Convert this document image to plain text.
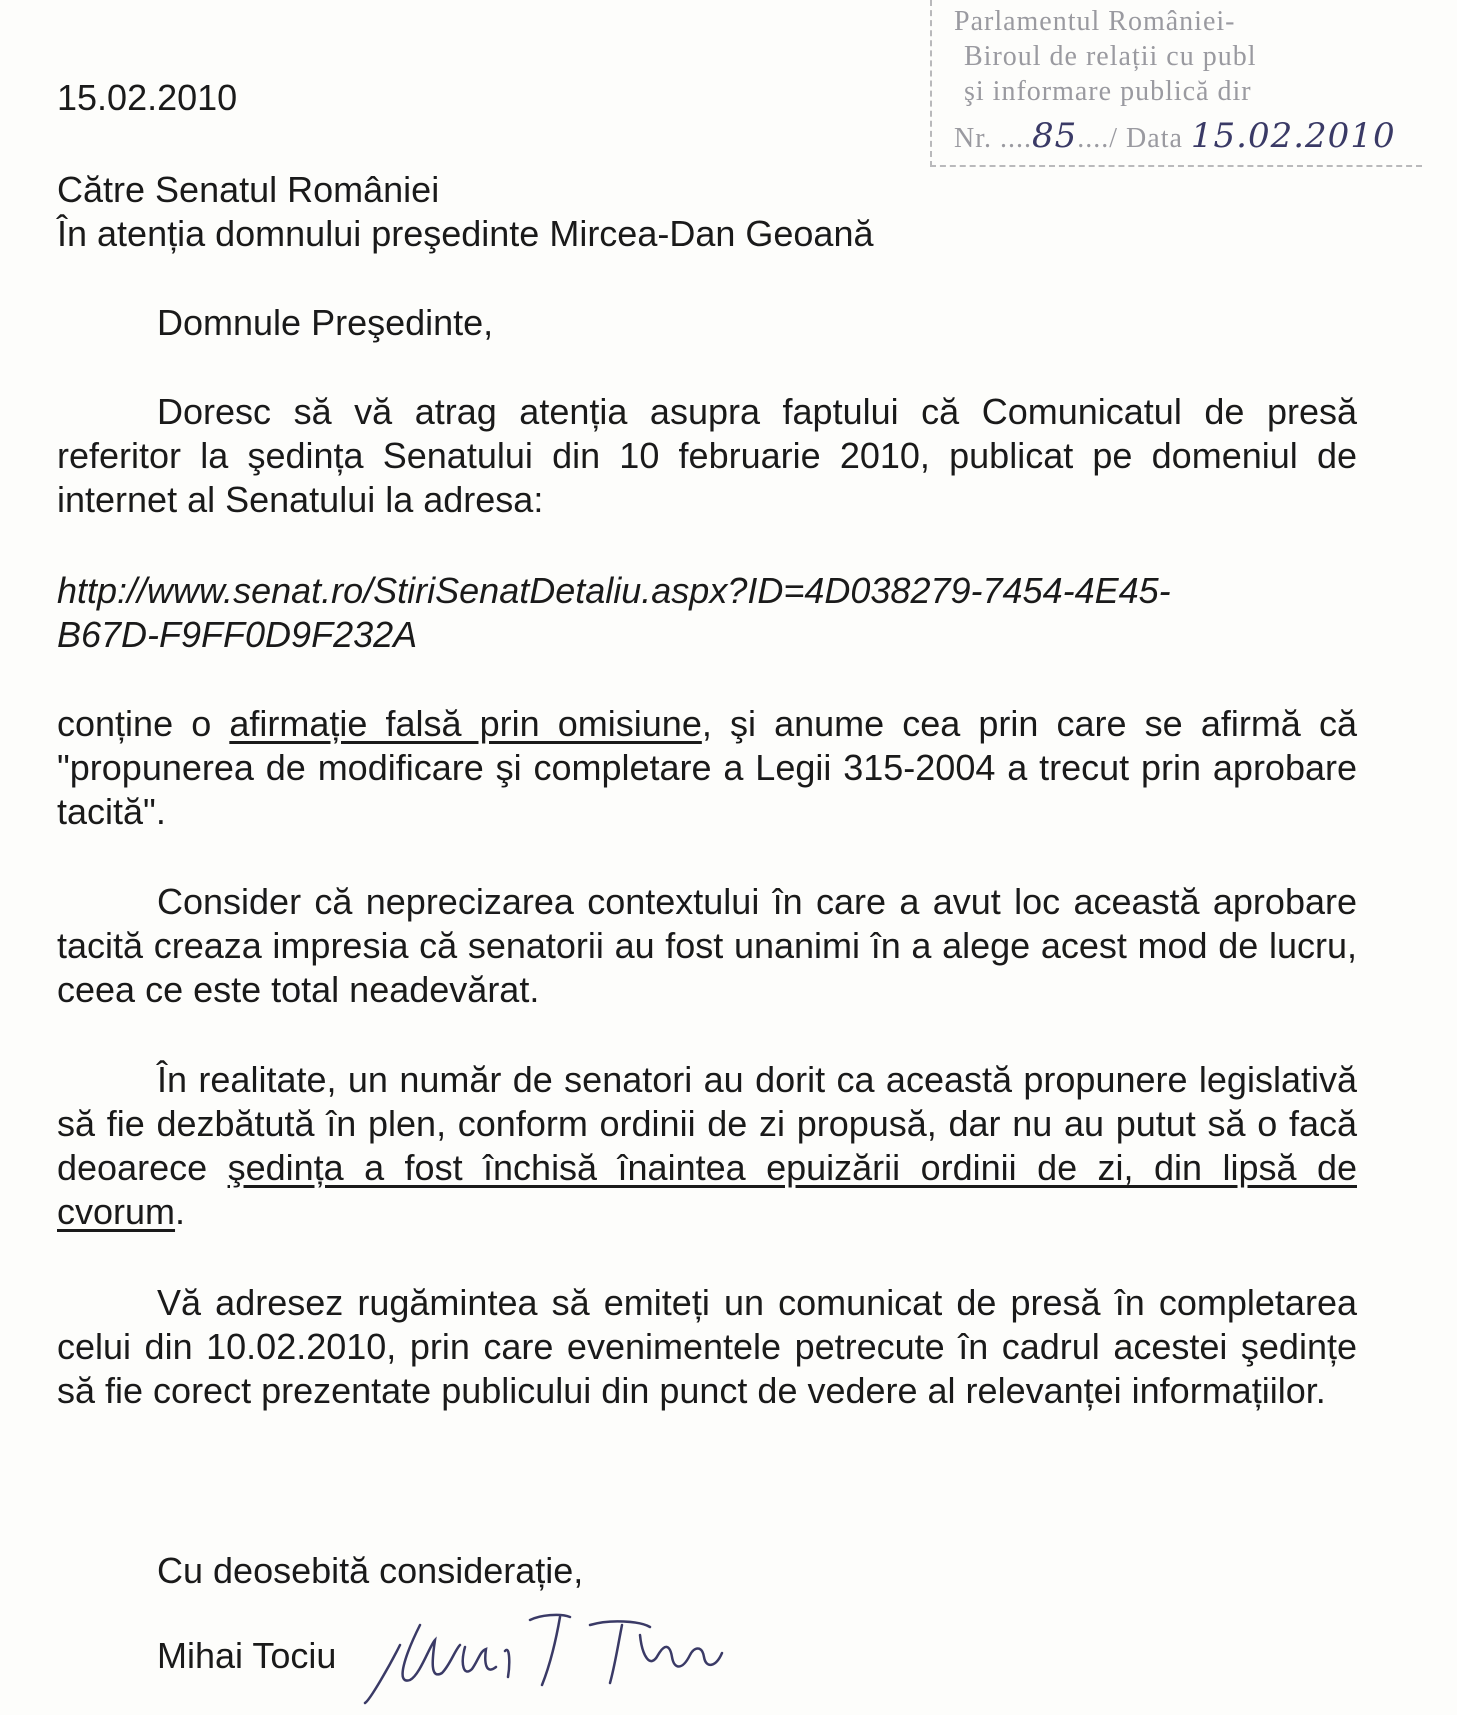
Parlamentul României-
Biroul de relații cu publ
şi informare publică dir
Nr. ....85..../ Data 15.02.2010
15.02.2010
Către Senatul României
În atenția domnului preşedinte Mircea-Dan Geoană
Domnule Preşedinte,
Doresc să vă atrag atenția asupra faptului că Comunicatul de presă referitor la şedința Senatului din 10 februarie 2010, publicat pe domeniul de internet al Senatului la adresa:
http://www.senat.ro/StiriSenatDetaliu.aspx?ID=4D038279-7454-4E45-
B67D-F9FF0D9F232A
conține o afirmație falsă prin omisiune, şi anume cea prin care se afirmă că "propunerea de modificare şi completare a Legii 315-2004 a trecut prin aprobare tacită".
Consider că neprecizarea contextului în care a avut loc această aprobare tacită creaza impresia că senatorii au fost unanimi în a alege acest mod de lucru, ceea ce este total neadevărat.
În realitate, un număr de senatori au dorit ca această propunere legislativă să fie dezbătută în plen, conform ordinii de zi propusă, dar nu au putut să o facă deoarece şedința a fost închisă înaintea epuizării ordinii de zi, din lipsă de cvorum.
Vă adresez rugămintea să emiteți un comunicat de presă în completarea celui din 10.02.2010, prin care evenimentele petrecute în cadrul acestei şedințe să fie corect prezentate publicului din punct de vedere al relevanței informațiilor.
Cu deosebită considerație,
Mihai Tociu
